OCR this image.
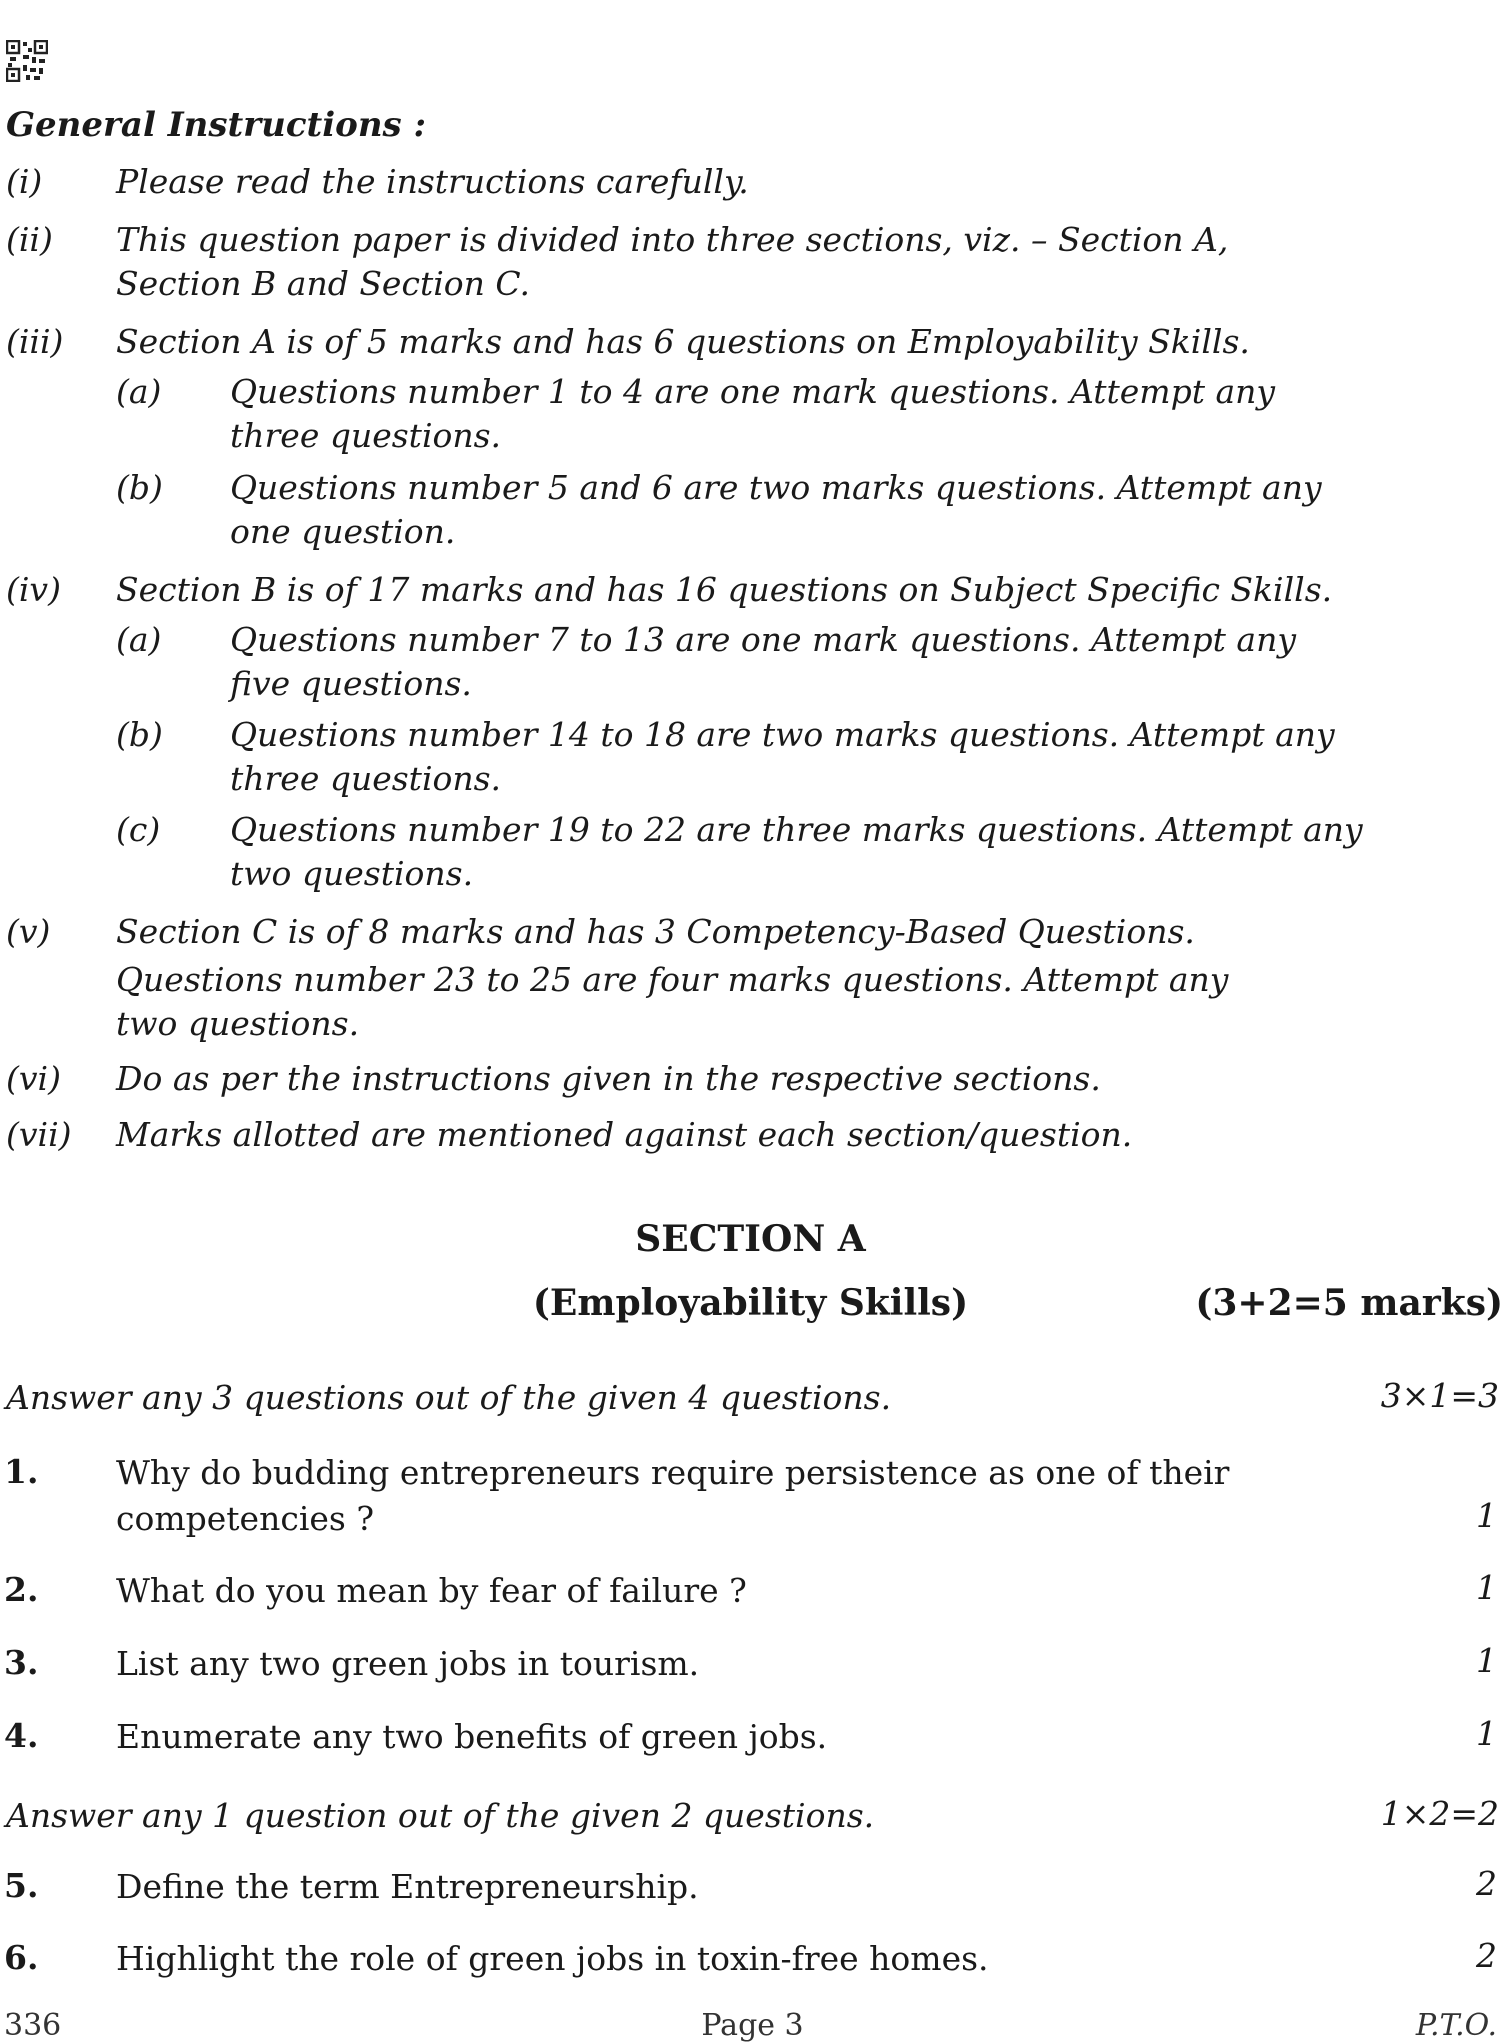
General Instructions :
(i) Please read the instructions carefully.
(ii) This question paper is divided into three sections, viz. – Section A,
Section B and Section C.
(iii) Section A is of 5 marks and has 6 questions on Employability Skills.
(a) Questions number 1 to 4 are one mark questions. Attempt any
three questions.
(b) Questions number 5 and 6 are two marks questions. Attempt any
one question.
(iv) Section B is of 17 marks and has 16 questions on Subject Specific Skills.
(a) Questions number 7 to 13 are one mark questions. Attempt any
five questions.
(b) Questions number 14 to 18 are two marks questions. Attempt any
three questions.
(c) Questions number 19 to 22 are three marks questions. Attempt any
two questions.
(v) Section C is of 8 marks and has 3 Competency-Based Questions.
Questions number 23 to 25 are four marks questions. Attempt any
two questions.
(vi) Do as per the instructions given in the respective sections.
(vii) Marks allotted are mentioned against each section/question.
SECTION A
(Employability Skills)	(3+2=5 marks)
Answer any 3 questions out of the given 4 questions.	3×1=3
1. Why do budding entrepreneurs require persistence as one of their
competencies ?	1
2. What do you mean by fear of failure ?	1
3. List any two green jobs in tourism.	1
4. Enumerate any two benefits of green jobs.	1
Answer any 1 question out of the given 2 questions.	1×2=2
5. Define the term Entrepreneurship.	2
6. Highlight the role of green jobs in toxin-free homes.	2
336	Page 3	P.T.O.
